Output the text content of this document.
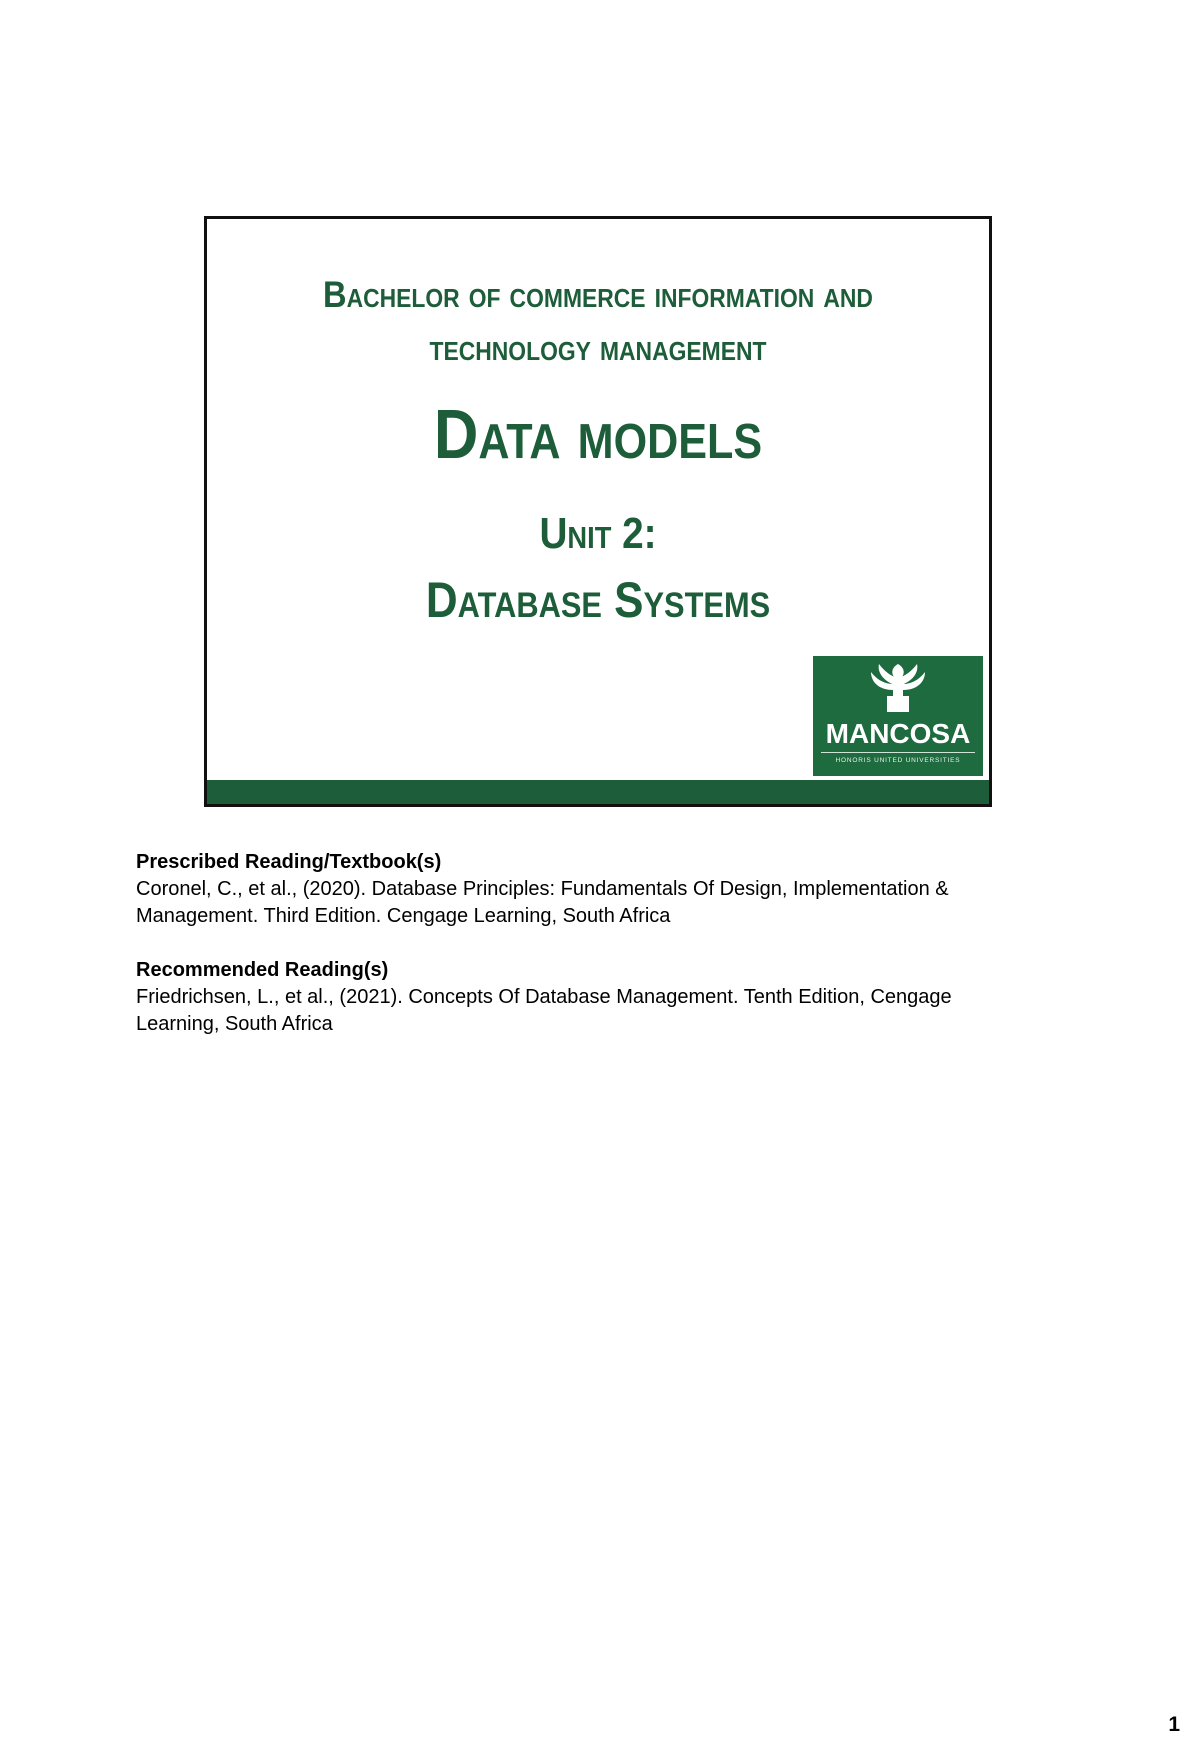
Bachelor of commerce information and
technology management
Data models
Unit 2:
Database Systems
MANCOSA
HONORIS UNITED UNIVERSITIES
Prescribed Reading/Textbook(s)
Coronel, C., et al., (2020). Database Principles: Fundamentals Of Design, Implementation &
Management. Third Edition. Cengage Learning, South Africa
Recommended Reading(s)
Friedrichsen, L., et al., (2021). Concepts Of Database Management. Tenth Edition, Cengage
Learning, South Africa
1
